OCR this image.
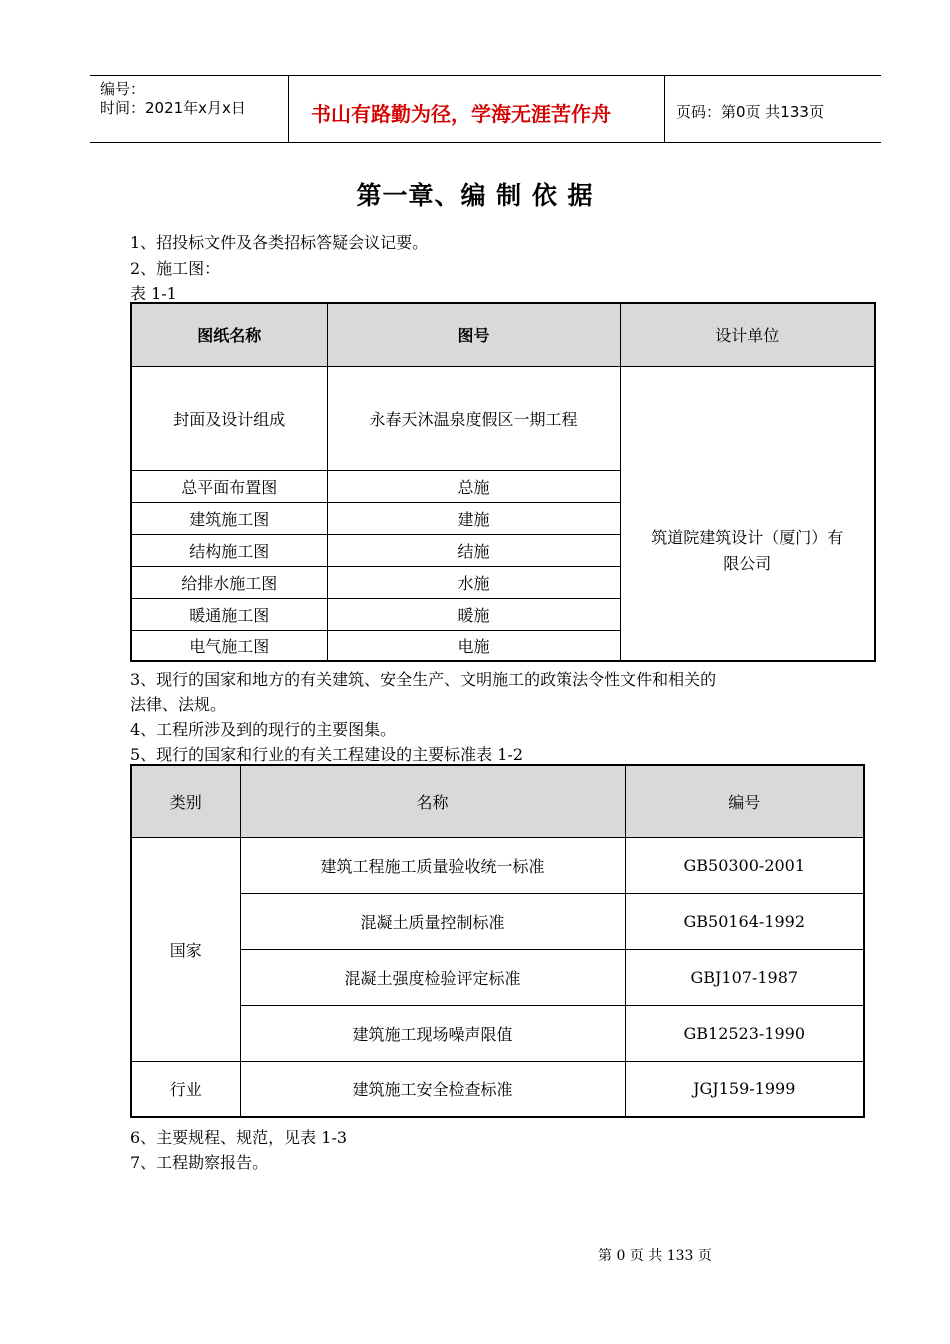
编号：
时间：2021年x月x日	书山有路勤为径，学海无涯苦作舟	页码：第0页 共133页
第一章、编 制 依 据
1、招投标文件及各类招标答疑会议记要。
2、施工图：
表 1-1
图纸名称	图号	设计单位
封面及设计组成	永春天沐温泉度假区一期工程	筑道院建筑设计（厦门）有
限公司

总平面布置图	总施	
建筑施工图	建施	
结构施工图	结施	
给排水施工图	水施	
暖通施工图	暖施	
电气施工图	电施	
3、现行的国家和地方的有关建筑、安全生产、文明施工的政策法令性文件和相关的
法律、法规。
4、工程所涉及到的现行的主要图集。
5、现行的国家和行业的有关工程建设的主要标准表 1-2
类别	名称	编号
国家	建筑工程施工质量验收统一标准	GB50300-2001
	混凝土质量控制标准	GB50164-1992
	混凝土强度检验评定标准	GBJ107-1987
	建筑施工现场噪声限值	GB12523-1990
行业	建筑施工安全检查标准	JGJ159-1999
6、主要规程、规范，见表 1-3
7、工程勘察报告。
第 0 页 共 133 页
